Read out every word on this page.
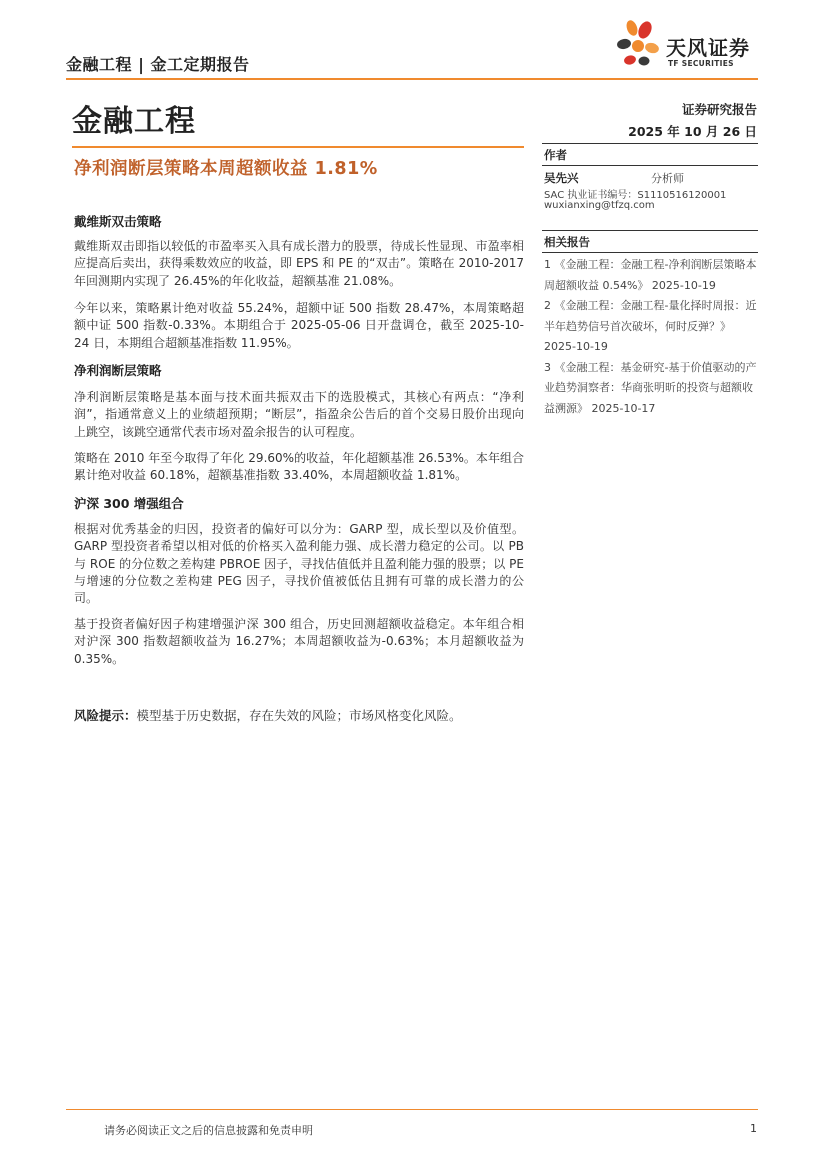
金融工程 | 金工定期报告
天风证券
TF SECURITIES
金融工程	证券研究报告
2025 年 10 月 26 日
净利润断层策略本周超额收益 1.81%
作者
吴先兴	分析师
SAC 执业证书编号：S1110516120001
wuxianxing@tfzq.com
相关报告

1 《金融工程：金融工程-净利润断层策略本周超额收益 0.54%》 2025-10-19

2 《金融工程：金融工程-量化择时周报：近半年趋势信号首次破坏，何时反弹？》 2025-10-19

3 《金融工程：基金研究-基于价值驱动的产业趋势洞察者：华商张明昕的投资与超额收益溯源》 2025-10-17

戴维斯双击策略
戴维斯双击即指以较低的市盈率买入具有成长潜力的股票，待成长性显现、市盈率相应提高后卖出，获得乘数效应的收益，即 EPS 和 PE 的“双击”。策略在 2010-2017 年回测期内实现了 26.45%的年化收益，超额基准 21.08%。
今年以来，策略累计绝对收益 55.24%，超额中证 500 指数 28.47%，本周策略超额中证 500 指数-0.33%。本期组合于 2025-05-06 日开盘调仓，截至 2025-10-24 日，本期组合超额基准指数 11.95%。
净利润断层策略
净利润断层策略是基本面与技术面共振双击下的选股模式，其核心有两点：“净利润”，指通常意义上的业绩超预期；“断层”，指盈余公告后的首个交易日股价出现向上跳空，该跳空通常代表市场对盈余报告的认可程度。
策略在 2010 年至今取得了年化 29.60%的收益，年化超额基准 26.53%。本年组合累计绝对收益 60.18%，超额基准指数 33.40%，本周超额收益 1.81%。
沪深 300 增强组合
根据对优秀基金的归因，投资者的偏好可以分为：GARP 型，成长型以及价值型。GARP 型投资者希望以相对低的价格买入盈利能力强、成长潜力稳定的公司。以 PB 与 ROE 的分位数之差构建 PBROE 因子，寻找估值低并且盈利能力强的股票；以 PE 与增速的分位数之差构建 PEG 因子，寻找价值被低估且拥有可靠的成长潜力的公司。
基于投资者偏好因子构建增强沪深 300 组合，历史回测超额收益稳定。本年组合相对沪深 300 指数超额收益为 16.27%；本周超额收益为-0.63%；本月超额收益为 0.35%。
风险提示：模型基于历史数据，存在失效的风险；市场风格变化风险。
请务必阅读正文之后的信息披露和免责申明	1
